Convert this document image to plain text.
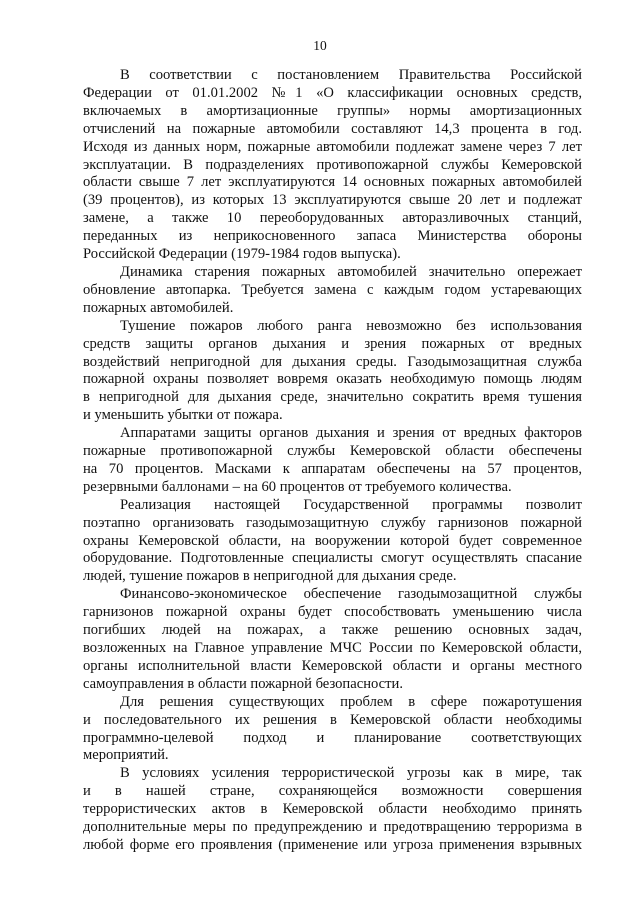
10
В соответствии с постановлением Правительства Российской
Федерации от 01.01.2002 №1 «О классификации основных средств,
включаемых в амортизационные группы» нормы амортизационных
отчислений на пожарные автомобили составляют 14,3 процента в год.
Исходя из данных норм, пожарные автомобили подлежат замене через 7 лет
эксплуатации. В подразделениях противопожарной службы Кемеровской
области свыше 7 лет эксплуатируются 14 основных пожарных автомобилей
(39 процентов), из которых 13 эксплуатируются свыше 20 лет и подлежат
замене, а также 10 переоборудованных авторазливочных станций,
переданных из неприкосновенного запаса Министерства обороны
Российской Федерации (1979-1984 годов выпуска).
Динамика старения пожарных автомобилей значительно опережает
обновление автопарка. Требуется замена с каждым годом устаревающих
пожарных автомобилей.
Тушение пожаров любого ранга невозможно без использования
средств защиты органов дыхания и зрения пожарных от вредных
воздействий непригодной для дыхания среды. Газодымозащитная служба
пожарной охраны позволяет вовремя оказать необходимую помощь людям
в непригодной для дыхания среде, значительно сократить время тушения
и уменьшить убытки от пожара.
Аппаратами защиты органов дыхания и зрения от вредных факторов
пожарные противопожарной службы Кемеровской области обеспечены
на 70 процентов. Масками к аппаратам обеспечены на 57 процентов,
резервными баллонами – на 60 процентов от требуемого количества.
Реализация настоящей Государственной программы позволит
поэтапно организовать газодымозащитную службу гарнизонов пожарной
охраны Кемеровской области, на вооружении которой будет современное
оборудование. Подготовленные специалисты смогут осуществлять спасание
людей, тушение пожаров в непригодной для дыхания среде.
Финансово-экономическое обеспечение газодымозащитной службы
гарнизонов пожарной охраны будет способствовать уменьшению числа
погибших людей на пожарах, а также решению основных задач,
возложенных на Главное управление МЧС России по Кемеровской области,
органы исполнительной власти Кемеровской области и органы местного
самоуправления в области пожарной безопасности.
Для решения существующих проблем в сфере пожаротушения
и последовательного их решения в Кемеровской области необходимы
программно-целевой подход и планирование соответствующих
мероприятий.
В условиях усиления террористической угрозы как в мире, так
и в нашей стране, сохраняющейся возможности совершения
террористических актов в Кемеровской области необходимо принять
дополнительные меры по предупреждению и предотвращению терроризма в
любой форме его проявления (применение или угроза применения взрывных
